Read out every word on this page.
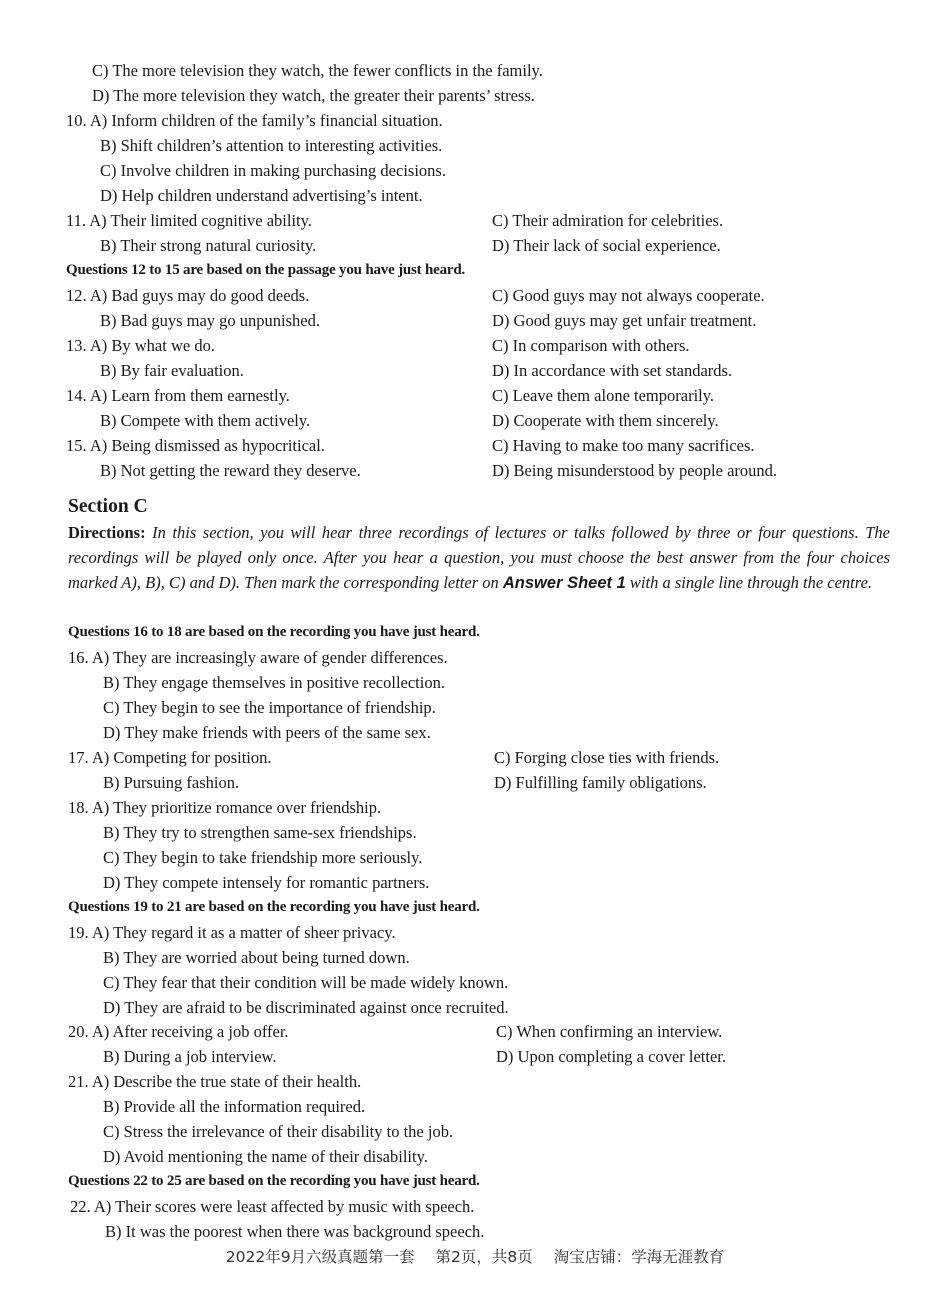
C) The more television they watch, the fewer conflicts in the family.
D) The more television they watch, the greater their parents’ stress.
10. A) Inform children of the family’s financial situation.
B) Shift children’s attention to interesting activities.
C) Involve children in making purchasing decisions.
D) Help children understand advertising’s intent.
11. A) Their limited cognitive ability.	C) Their admiration for celebrities.
B) Their strong natural curiosity.	D) Their lack of social experience.
Questions 12 to 15 are based on the passage you have just heard.
12. A) Bad guys may do good deeds.	C) Good guys may not always cooperate.
B) Bad guys may go unpunished.	D) Good guys may get unfair treatment.
13. A) By what we do.	C) In comparison with others.
B) By fair evaluation.	D) In accordance with set standards.
14. A) Learn from them earnestly.	C) Leave them alone temporarily.
B) Compete with them actively.	D) Cooperate with them sincerely.
15. A) Being dismissed as hypocritical.	C) Having to make too many sacrifices.
B) Not getting the reward they deserve.	D) Being misunderstood by people around.
Section C
Directions: In this section, you will hear three recordings of lectures or talks followed by three or four questions. The recordings will be played only once. After you hear a question, you must choose the best answer from the four choices marked A), B), C) and D). Then mark the corresponding letter on Answer Sheet 1 with a single line through the centre.
Questions 16 to 18 are based on the recording you have just heard.
16. A) They are increasingly aware of gender differences.
B) They engage themselves in positive recollection.
C) They begin to see the importance of friendship.
D) They make friends with peers of the same sex.
17. A) Competing for position.	C) Forging close ties with friends.
B) Pursuing fashion.	D) Fulfilling family obligations.
18. A) They prioritize romance over friendship.
B) They try to strengthen same-sex friendships.
C) They begin to take friendship more seriously.
D) They compete intensely for romantic partners.
Questions 19 to 21 are based on the recording you have just heard.
19. A) They regard it as a matter of sheer privacy.
B) They are worried about being turned down.
C) They fear that their condition will be made widely known.
D) They are afraid to be discriminated against once recruited.
20. A) After receiving a job offer.	C) When confirming an interview.
B) During a job interview.	D) Upon completing a cover letter.
21. A) Describe the true state of their health.
B) Provide all the information required.
C) Stress the irrelevance of their disability to the job.
D) Avoid mentioning the name of their disability.
Questions 22 to 25 are based on the recording you have just heard.
22. A) Their scores were least affected by music with speech.
B) It was the poorest when there was background speech.
2022年9月六级真题第一套 第2页，共8页 淘宝店铺：学海无涯教育
